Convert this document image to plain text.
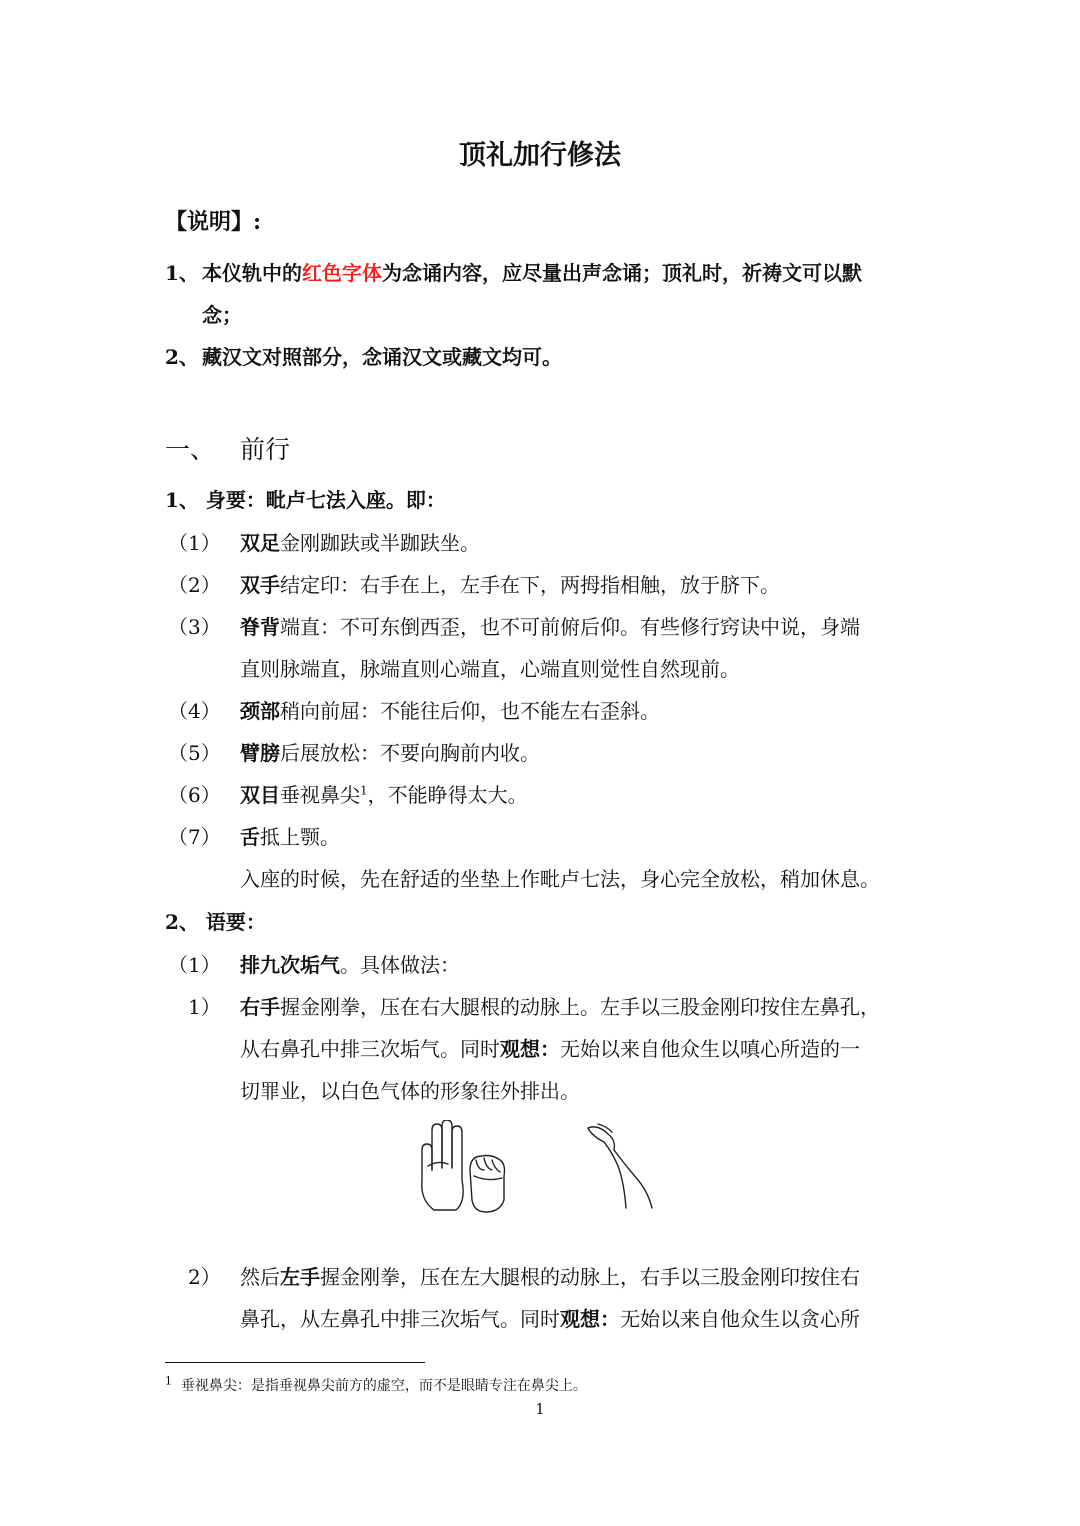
顶礼加行修法
【说明】:
1、 本仪轨中的红色字体为念诵内容，应尽量出声念诵；顶礼时，祈祷文可以默
念；
2、 藏汉文对照部分，念诵汉文或藏文均可。
一、 前行
1、 身要：毗卢七法入座。即：
（1） 双足金刚跏趺或半跏趺坐。
（2） 双手结定印：右手在上，左手在下，两拇指相触，放于脐下。
（3） 脊背端直：不可东倒西歪，也不可前俯后仰。有些修行窍诀中说，身端
直则脉端直，脉端直则心端直，心端直则觉性自然现前。
（4） 颈部稍向前屈：不能往后仰，也不能左右歪斜。
（5） 臂膀后展放松：不要向胸前内收。
（6） 双目垂视鼻尖$^1$，不能睁得太大。
（7） 舌抵上颚。
入座的时候，先在舒适的坐垫上作毗卢七法，身心完全放松，稍加休息。
2、 语要：
（1） 排九次垢气。具体做法：
1） 右手握金刚拳，压在右大腿根的动脉上。左手以三股金刚印按住左鼻孔，
从右鼻孔中排三次垢气。同时观想：无始以来自他众生以嗔心所造的一
切罪业，以白色气体的形象往外排出。
2） 然后左手握金刚拳，压在左大腿根的动脉上，右手以三股金刚印按住右
鼻孔，从左鼻孔中排三次垢气。同时观想：无始以来自他众生以贪心所
$^1$ 垂视鼻尖：是指垂视鼻尖前方的虚空，而不是眼睛专注在鼻尖上。
1
